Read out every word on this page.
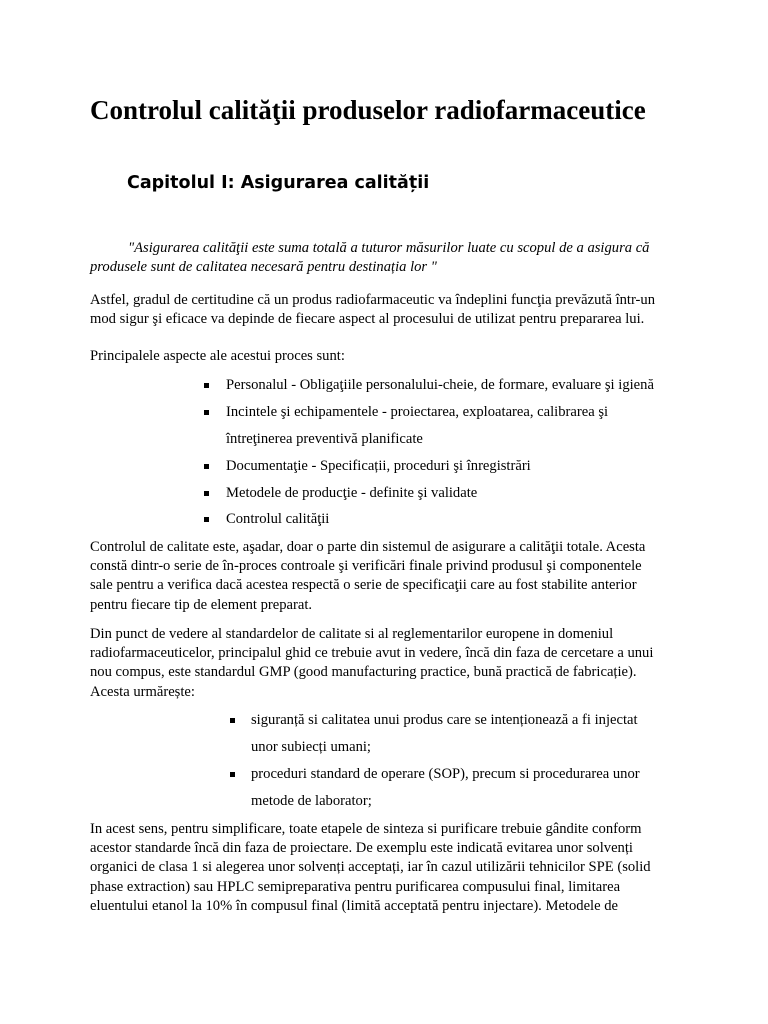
Controlul calităţii produselor radiofarmaceutice
Capitolul I: Asigurarea calității
"Asigurarea calităţii este suma totală a tuturor măsurilor luate cu scopul de a asigura că
produsele sunt de calitatea necesară pentru destinația lor "
Astfel, gradul de certitudine că un produs radiofarmaceutic va îndeplini funcţia prevăzută într-un
mod sigur şi eficace va depinde de fiecare aspect al procesului de utilizat pentru prepararea lui.
Principalele aspecte ale acestui proces sunt:
Personalul - Obligaţiile personalului-cheie, de formare, evaluare şi igienă
Incintele şi echipamentele - proiectarea, exploatarea, calibrarea şi
întreţinerea preventivă planificate
Documentaţie - Specificații, proceduri şi înregistrări
Metodele de producţie - definite şi validate
Controlul calităţii
Controlul de calitate este, aşadar, doar o parte din sistemul de asigurare a calităţii totale. Acesta
constă dintr-o serie de în-proces controale şi verificări finale privind produsul şi componentele
sale pentru a verifica dacă acestea respectă o serie de specificaţii care au fost stabilite anterior
pentru fiecare tip de element preparat.
Din punct de vedere al standardelor de calitate si al reglementarilor europene in domeniul
radiofarmaceuticelor, principalul ghid ce trebuie avut in vedere, încă din faza de cercetare a unui
nou compus, este standardul GMP (good manufacturing practice, bună practică de fabricație).
Acesta urmărește:
siguranță si calitatea unui produs care se intenționează a fi injectat
unor subiecți umani;
proceduri standard de operare (SOP), precum si procedurarea unor
metode de laborator;
In acest sens, pentru simplificare, toate etapele de sinteza si purificare trebuie gândite conform
acestor standarde încă din faza de proiectare. De exemplu este indicată evitarea unor solvenți
organici de clasa 1 si alegerea unor solvenți acceptați, iar în cazul utilizării tehnicilor SPE (solid
phase extraction) sau HPLC semipreparativa pentru purificarea compusului final, limitarea
eluentului etanol la 10% în compusul final (limită acceptată pentru injectare). Metodele de
